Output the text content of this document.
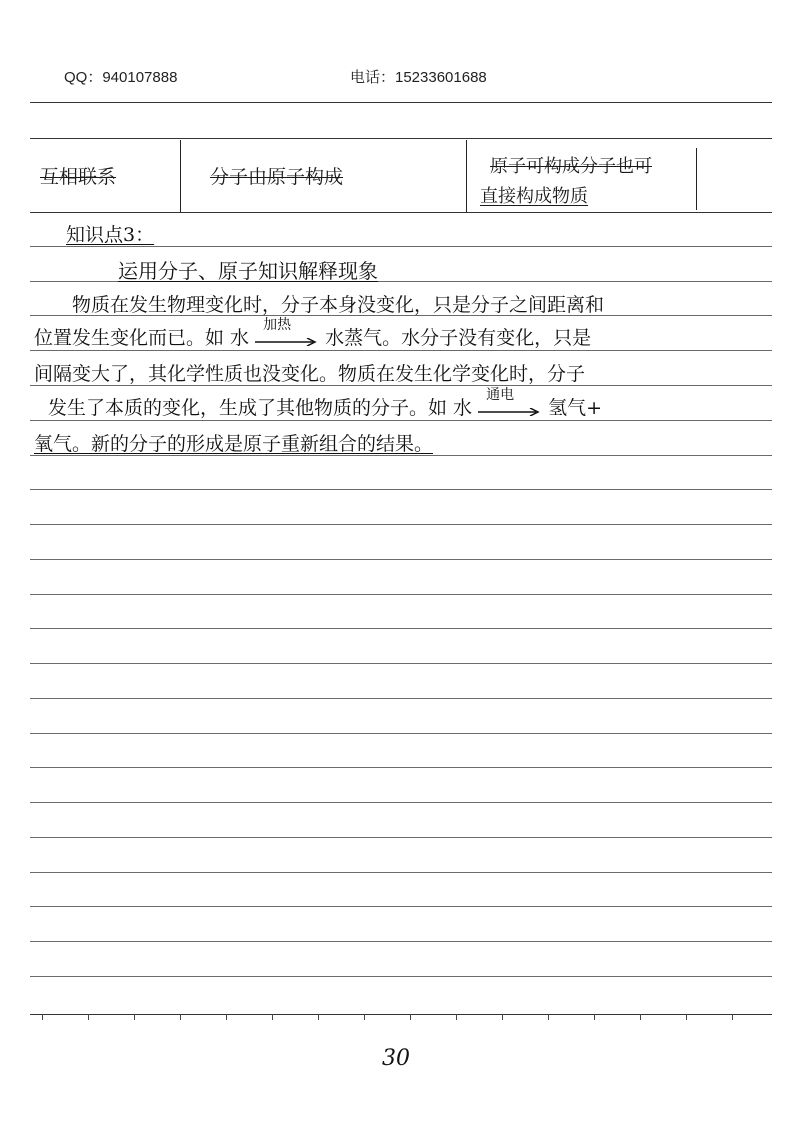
QQ：940107888	电话：15233601688
互相联系	分子由原子构成	原子可构成分子也可
直接构成物质
知识点3：
运用分子、原子知识解释现象
物质在发生物理变化时，分子本身没变化，只是分子之间距离和
位置发生变化而已。如 水
加热
水蒸气。水分子没有变化，只是
间隔变大了，其化学性质也没变化。物质在发生化学变化时，分子
发生了本质的变化，生成了其他物质的分子。如 水
通电
氢气+
氧气。新的分子的形成是原子重新组合的结果。
30
